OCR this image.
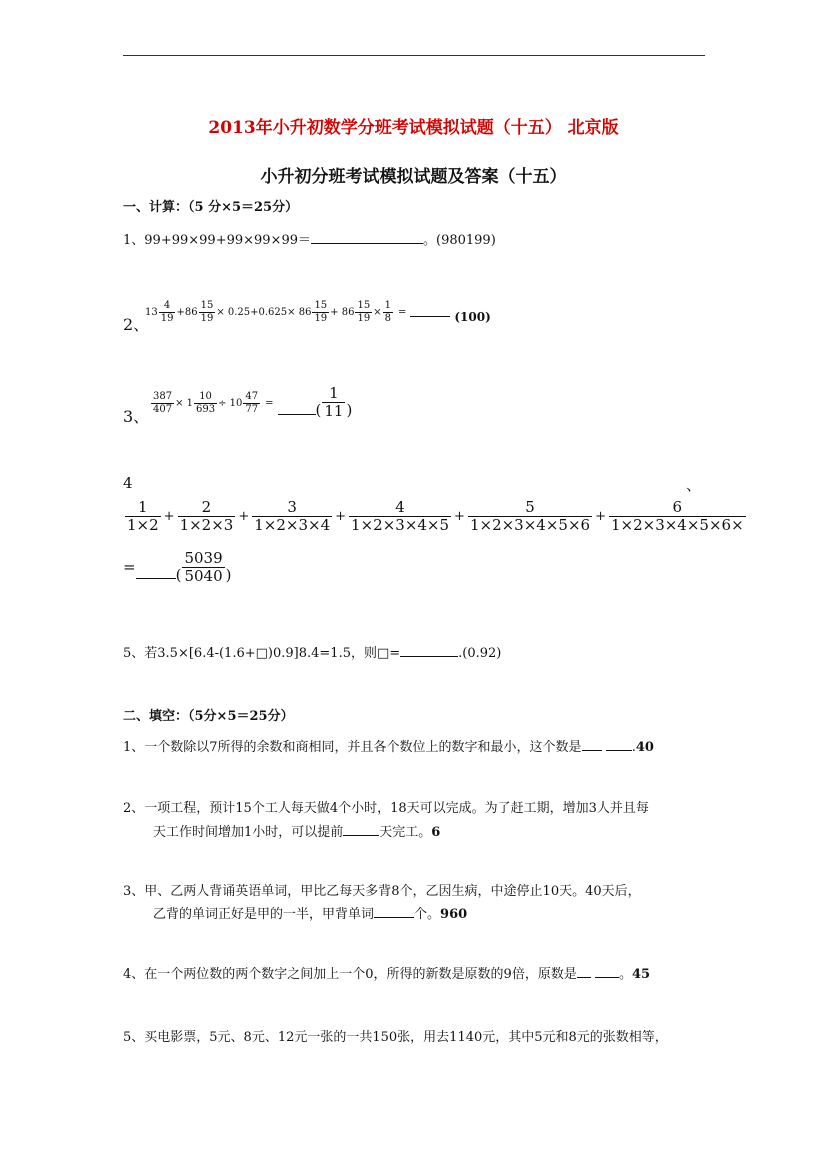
2013年小升初数学分班考试模拟试题（十五） 北京版
小升初分班考试模拟试题及答案（十五）
一、计算：（5 分×5＝25分）
1、99+99×99+99×99×99＝	。(980199)
2、
$13 \frac{4}{19} +86 \frac{15}{19} \times 0.25+0.625\times 86 \frac{15}{19} + 86 \frac{15}{19} \times \frac{1}{8}$ =	(100)
3、
$\frac{387}{407} \times 1 \frac{10}{693} \div 10 \frac{47}{77}$ =	( $\frac{1}{11}$ )
4	、
$\frac{1}{1\times 2} + \frac{2}{1\times 2\times 3} + \frac{3}{1\times 2\times 3\times 4} + \frac{4}{1\times 2\times 3\times 4\times 5} + \frac{5}{1\times 2\times 3\times 4\times 5\times 6} + \frac{6}{1\times 2\times 3\times 4\times 5\times 6\times}$
=	( $\frac{5039}{5040}$ )
5、若3.5×[6.4-(1.6+□)0.9]8.4=1.5，则□=	.(0.92)
二、填空：（5分×5＝25分）
1、一个数除以7所得的余数和商相同，并且各个数位上的数字和最小，这个数是	.40
2、一项工程，预计15个工人每天做4个小时，18天可以完成。为了赶工期，增加3人并且每
天工作时间增加1小时，可以提前	天完工。6
3、甲、乙两人背诵英语单词，甲比乙每天多背8个，乙因生病，中途停止10天。40天后，
乙背的单词正好是甲的一半，甲背单词	个。960
4、在一个两位数的两个数字之间加上一个0，所得的新数是原数的9倍，原数是	。45
5、买电影票，5元、8元、12元一张的一共150张，用去1140元，其中5元和8元的张数相等，
